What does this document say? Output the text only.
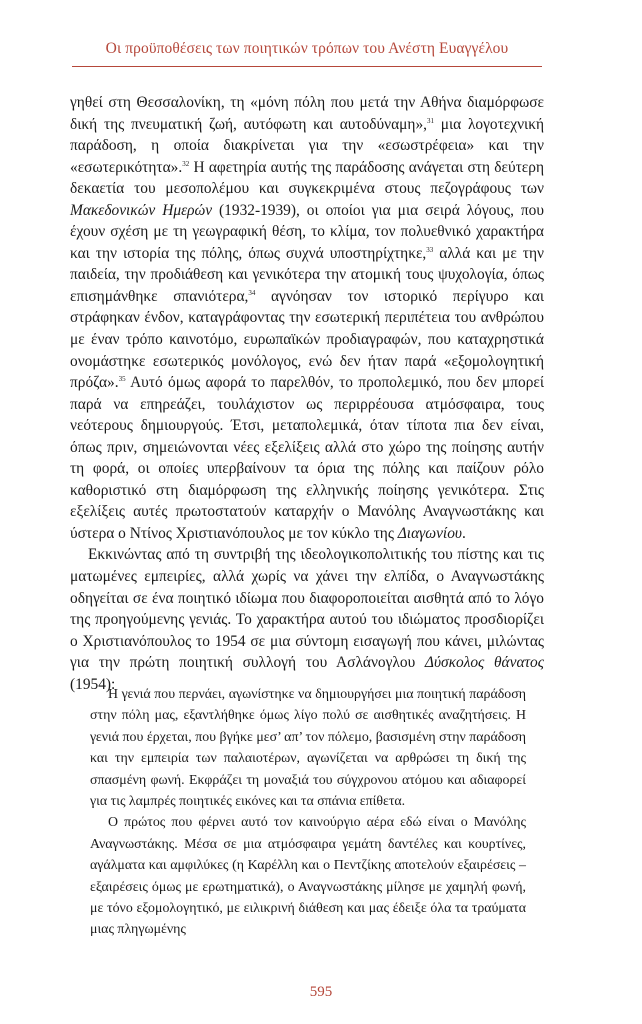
Οι προϋποθέσεις των ποιητικών τρόπων του Ανέστη Ευαγγέλου

γηθεί στη Θεσσαλονίκη, τη «μόνη πόλη που μετά την Αθήνα διαμόρφωσε δική της πνευματική ζωή, αυτόφωτη και αυτοδύναμη»,$^{31}$ μια λογοτεχνική παράδοση, η οποία διακρίνεται για την «εσωστρέφεια» και την «εσωτερικότητα».$^{32}$ Η αφετηρία αυτής της παράδοσης ανάγεται στη δεύτερη δεκαετία του μεσοπολέμου και συγκεκριμένα στους πεζογράφους των Μακεδονικών Ημερών (1932-1939), οι οποίοι για μια σειρά λόγους, που έχουν σχέση με τη γεωγραφική θέση, το κλίμα, τον πολυεθνικό χαρακτήρα και την ιστορία της πόλης, όπως συχνά υποστηρίχτηκε,$^{33}$ αλλά και με την παιδεία, την προδιάθεση και γενικότερα την ατομική τους ψυχολογία, όπως επισημάνθηκε σπανιότερα,$^{34}$ αγνόησαν τον ιστορικό περίγυρο και στράφηκαν ένδον, καταγράφοντας την εσωτερική περιπέτεια του ανθρώπου με έναν τρόπο καινοτόμο, ευρωπαϊκών προδιαγραφών, που καταχρηστικά ονομάστηκε εσωτερικός μονόλογος, ενώ δεν ήταν παρά «εξομολογητική πρόζα».$^{35}$ Αυτό όμως αφορά το παρελθόν, το προπολεμικό, που δεν μπορεί παρά να επηρεάζει, τουλάχιστον ως περιρρέουσα ατμόσφαιρα, τους νεότερους δημιουργούς. Έτσι, μεταπολεμικά, όταν τίποτα πια δεν είναι, όπως πριν, σημειώνονται νέες εξελίξεις αλλά στο χώρο της ποίησης αυτήν τη φορά, οι οποίες υπερβαίνουν τα όρια της πόλης και παίζουν ρόλο καθοριστικό στη διαμόρφωση της ελληνικής ποίησης γενικότερα. Στις εξελίξεις αυτές πρωτοστατούν καταρχήν ο Μανόλης Αναγνωστάκης και ύστερα ο Ντίνος Χριστιανόπουλος με τον κύκλο της Διαγωνίου.

Εκκινώντας από τη συντριβή της ιδεολογικοπολιτικής του πίστης και τις ματωμένες εμπειρίες, αλλά χωρίς να χάνει την ελπίδα, ο Αναγνωστάκης οδηγείται σε ένα ποιητικό ιδίωμα που διαφοροποιείται αισθητά από το λόγο της προηγούμενης γενιάς. Το χαρακτήρα αυτού του ιδιώματος προσδιορίζει ο Χριστιανόπουλος το 1954 σε μια σύντομη εισαγωγή που κάνει, μιλώντας για την πρώτη ποιητική συλλογή του Ασλάνογλου Δύσκολος θάνατος (1954):

Η γενιά που περνάει, αγωνίστηκε να δημιουργήσει μια ποιητική παράδοση στην πόλη μας, εξαντλήθηκε όμως λίγο πολύ σε αισθητικές αναζητήσεις. Η γενιά που έρχεται, που βγήκε μεσ’ απ’ τον πόλεμο, βασισμένη στην παράδοση και την εμπειρία των παλαιοτέρων, αγωνίζεται να αρθρώσει τη δική της σπασμένη φωνή. Εκφράζει τη μοναξιά του σύγχρονου ατόμου και αδιαφορεί για τις λαμπρές ποιητικές εικόνες και τα σπάνια επίθετα.

Ο πρώτος που φέρνει αυτό τον καινούργιο αέρα εδώ είναι ο Μανόλης Αναγνωστάκης. Μέσα σε μια ατμόσφαιρα γεμάτη δαντέλες και κουρτίνες, αγάλματα και αμφιλύκες (η Καρέλλη και ο Πεντζίκης αποτελούν εξαιρέσεις –εξαιρέσεις όμως με ερωτηματικά), ο Αναγνωστάκης μίλησε με χαμηλή φωνή, με τόνο εξομολογητικό, με ειλικρινή διάθεση και μας έδειξε όλα τα τραύματα μιας πληγωμένης

595
